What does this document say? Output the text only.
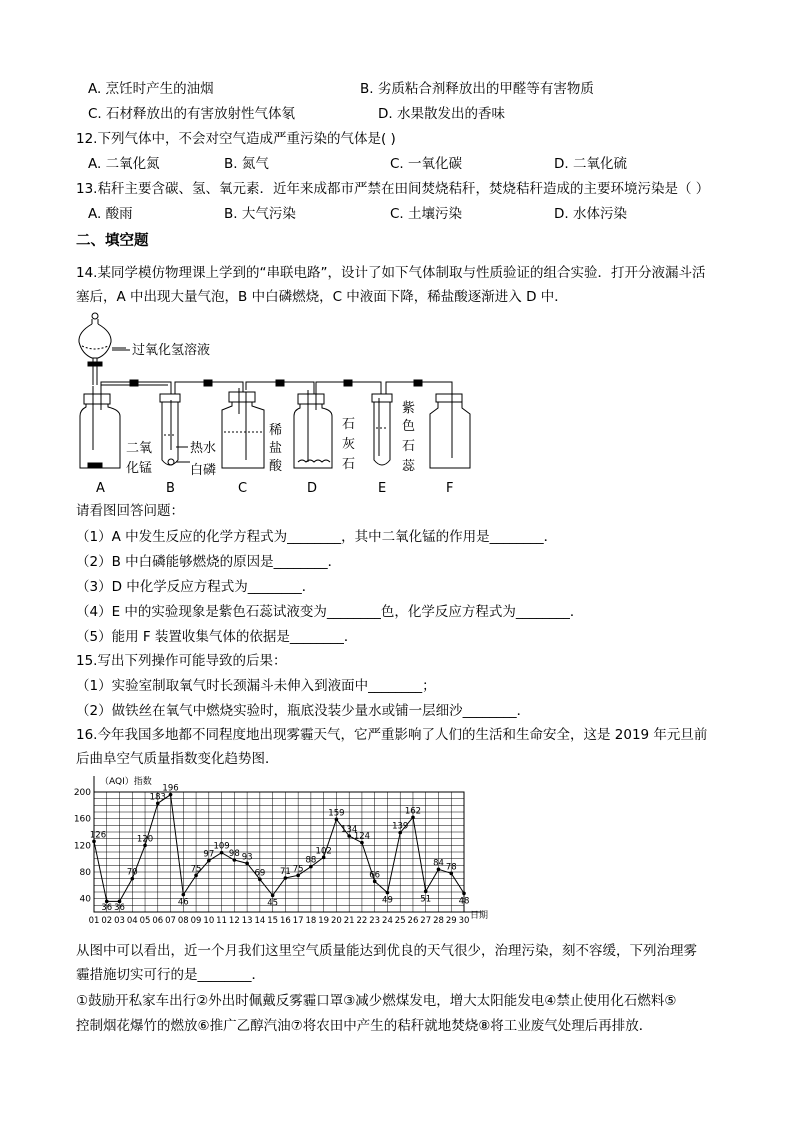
A. 烹饪时产生的油烟	B. 劣质粘合剂释放出的甲醛等有害物质
C. 石材释放出的有害放射性气体氡	D. 水果散发出的香味
12.下列气体中，不会对空气造成严重污染的气体是( )
A. 二氧化氮	B. 氮气	C. 一氧化碳	D. 二氧化硫
13.秸秆主要含碳、氢、氧元素．近年来成都市严禁在田间焚烧秸秆，焚烧秸秆造成的主要环境污染是（ ）
A. 酸雨	B. 大气污染	C. 土壤污染	D. 水体污染
二、填空题
14.某同学模仿物理课上学到的“串联电路”，设计了如下气体制取与性质验证的组合实验．打开分液漏斗活
塞后，A 中出现大量气泡，B 中白磷燃烧，C 中液面下降，稀盐酸逐渐进入 D 中．
过氧化氢溶液
二氧
化锰
热水
白磷
稀
盐
酸
石
灰
石
紫
色
石
蕊
A	B	C	D	E	F
请看图回答问题：
（1）A 中发生反应的化学方程式为________，其中二氧化锰的作用是________．
（2）B 中白磷能够燃烧的原因是________．
（3）D 中化学反应方程式为________．
（4）E 中的实验现象是紫色石蕊试液变为________色，化学反应方程式为________．
（5）能用 F 装置收集气体的依据是________．
15.写出下列操作可能导致的后果：
（1）实验室制取氧气时长颈漏斗未伸入到液面中________；
（2）做铁丝在氧气中燃烧实验时，瓶底没装少量水或铺一层细沙________．
16.今年我国多地都不同程度地出现雾霾天气，它严重影响了人们的生活和生命安全，这是 2019 年元旦前
后曲阜空气质量指数变化趋势图．
40
80
120
160
200
01 02 03 04 05 06 07 08 09 10 11 12 13 14 15 16 17 18 19 20 21 22 23 24 25 26 27 28 29 30
126
36 36
70
120
183
196
46
75
97
109
98 93
69
45
71 75
88
102
159
134
124
66
49
139
162
51
84 78
48
（AQI）指数
日期
从图中可以看出，近一个月我们这里空气质量能达到优良的天气很少，治理污染，刻不容缓，下列治理雾
霾措施切实可行的是________．
①鼓励开私家车出行②外出时佩戴反雾霾口罩③减少燃煤发电，增大太阳能发电④禁止使用化石燃料⑤
控制烟花爆竹的燃放⑥推广乙醇汽油⑦将农田中产生的秸秆就地焚烧⑧将工业废气处理后再排放．
